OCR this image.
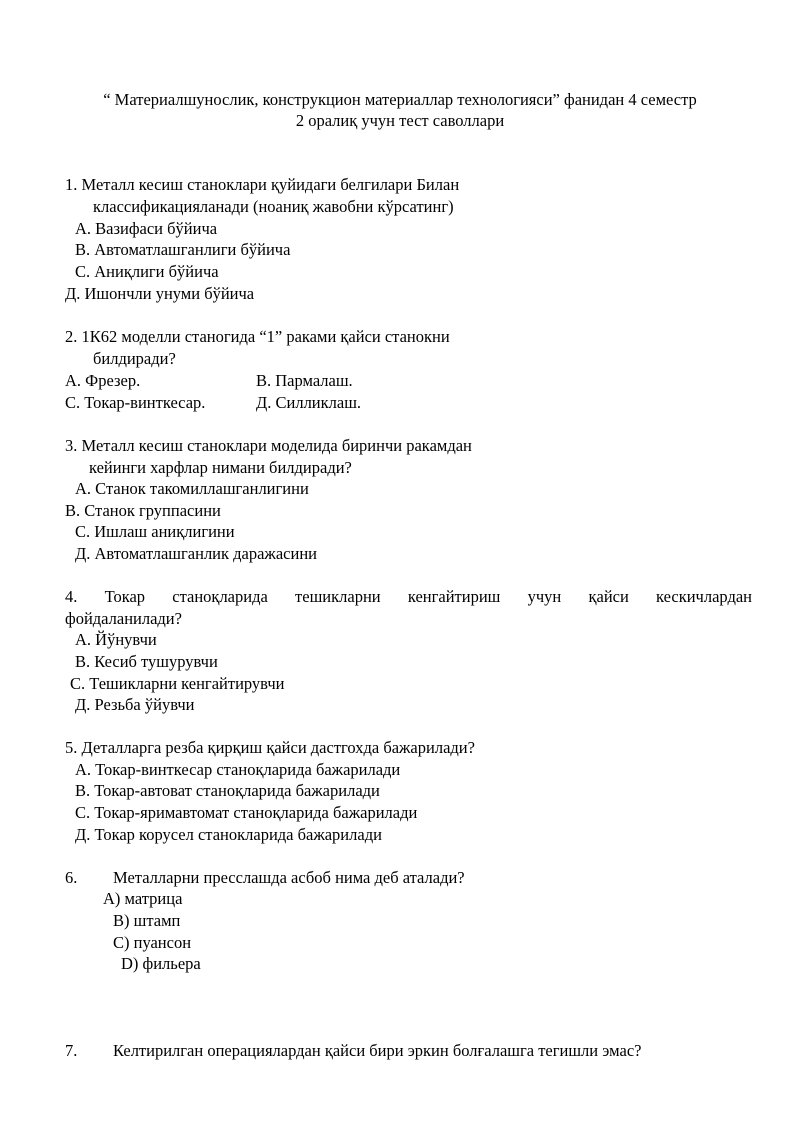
“ Материалшунослик, конструкцион материаллар технологияси” фанидан 4 семестр
2 оралиқ учун тест саволлари
1. Металл кесиш станоклари қуйидаги белгилари Билан
классификацияланади (ноаниқ жавобни кўрсатинг)
А. Вазифаси бўйича
В. Автоматлашганлиги бўйича
С. Аниқлиги бўйича
Д. Ишончли унуми бўйича
2. 1К62 моделли станогида “1” раками қайси станокни
билдиради?
А. Фрезер.	В. Пармалаш.
С. Токар-винткесар.	Д. Силликлаш.
3. Металл кесиш станоклари моделида биринчи ракамдан
кейинги харфлар нимани билдиради?
А. Станок такомиллашганлигини
В. Станок группасини
С. Ишлаш аниқлигини
Д. Автоматлашганлик даражасини
4. Токар станоқларида тешикларни кенгайтириш учун қайси кескичлардан
фойдаланилади?
А. Йўнувчи
В. Кесиб тушурувчи
С. Тешикларни кенгайтирувчи
Д. Резьба ўйувчи
5. Деталларга резба қирқиш қайси дастгохда бажарилади?
А. Токар-винткесар станоқларида бажарилади
В. Токар-автоват станоқларида бажарилади
С. Токар-яримавтомат станоқларида бажарилади
Д. Токар корусел станокларида бажарилади
6. Металларни пресслашда асбоб нима деб аталади?
А) матрица
B) штамп
C) пуансон
D) фильера
7. Келтирилган операциялардан қайси бири эркин болғалашга тегишли эмас?
